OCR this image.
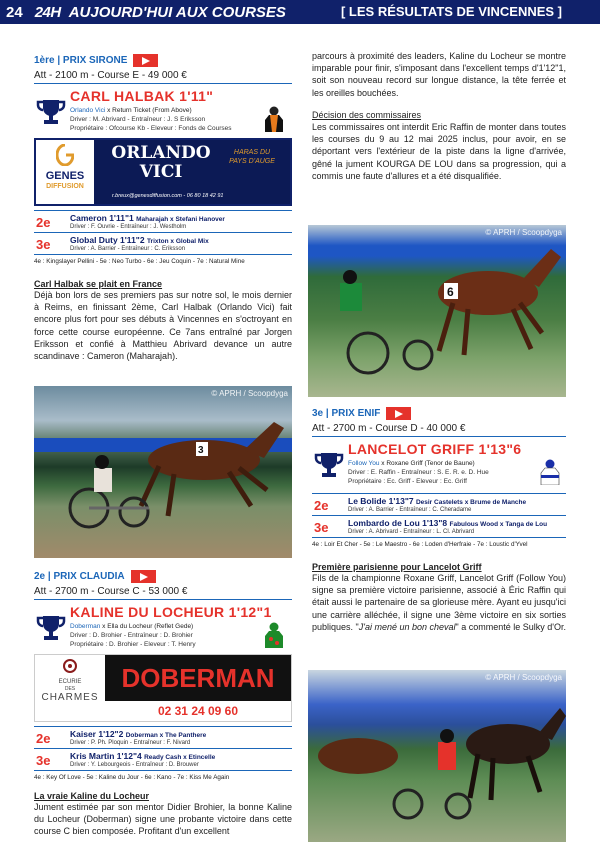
24 24H AUJOURD'HUI AUX COURSES	[ LES RÉSULTATS DE VINCENNES ]
1ère | PRIX SIRONE
Att - 2100 m - Course E - 49 000 €
CARL HALBAK 1'11"
Orlando Vici x Return Ticket (From Above)
Driver : M. Abrivard - Entraîneur : J. S Eriksson
Propriétaire : Ofcourse Kb - Eleveur : Fonds de Courses
GENES
DIFFUSION
ORLANDO
VICI
HARAS DU PAYS D'AUGE
r.breux@genesdiffusion.com - 06 80 18 42 91
2e Cameron 1'11"1 Maharajah x Stefani Hanover
Driver : F. Ouvrie - Entraîneur : J. Westholm
3e Global Duty 1'11"2 Trixton x Global Mix
Driver : A. Barrier - Entraîneur : C. Eriksson
4e : Kingslayer Pellini - 5e : Neo Turbo - 6e : Jeu Coquin - 7e : Natural Mine
Carl Halbak se plait en France
Déjà bon lors de ses premiers pas sur notre sol, le mois dernier à Reims, en finissant 2ème, Carl Halbak (Orlando Vici) fait encore plus fort pour ses débuts à Vincennes en s'octroyant en force cette course européenne. Ce 7ans entraîné par Jorgen Eriksson et confié à Matthieu Abrivard devance un autre scandinave : Cameron (Maharajah).
3
© APRH / Scoopdyga
2e | PRIX CLAUDIA
Att - 2700 m - Course C - 53 000 €
KALINE DU LOCHEUR 1'12"1
Doberman x Ella du Locheur (Reflet Gede)
Driver : D. Brohier - Entraîneur : D. Brohier
Propriétaire : D. Brohier - Eleveur : T. Henry
ECURIE
DES
CHARMES
DOBERMAN
02 31 24 09 60
2e Kaiser 1'12"2 Doberman x The Panthere
Driver : P. Ph. Ploquin - Entraîneur : F. Nivard
3e Kris Martin 1'12"4 Ready Cash x Etincelle
Driver : Y. Lebourgeois - Entraîneur : D. Brouwer
4e : Key Of Love - 5e : Kaline du Jour - 6e : Kano - 7e : Kiss Me Again
La vraie Kaline du Locheur
Jument estimée par son mentor Didier Brohier, la bonne Kaline du Locheur (Doberman) signe une probante victoire dans cette course C bien composée. Profitant d'un excellent
parcours à proximité des leaders, Kaline du Locheur se montre imparable pour finir, s'imposant dans l'excellent temps d'1'12"1, soit son nouveau record sur longue distance, la tête ferrée et les oreilles bouchées.
Décision des commissaires
Les commissaires ont interdit Eric Raffin de monter dans toutes les courses du 9 au 12 mai 2025 inclus, pour avoir, en se déportant vers l'extérieur de la piste dans la ligne d'arrivée, gêné la jument KOURGA DE LOU dans sa progression, qui a commis une faute d'allures et a été disqualifiée.
6
© APRH / Scoopdyga
3e | PRIX ENIF
Att - 2700 m - Course D - 40 000 €
LANCELOT GRIFF 1'13"6
Follow You x Roxane Griff (Tenor de Baune)
Driver : E. Raffin - Entraîneur : S. E. R. e. D. Hue
Propriétaire : Ec. Griff - Eleveur : Ec. Griff
2e Le Bolide 1'13"7 Desir Castelets x Brume de Manche
Driver : A. Barrier - Entraîneur : C. Cheradame
3e Lombardo de Lou 1'13"8 Fabulous Wood x Tanga de Lou
Driver : A. Abrivard - Entraîneur : L. Cl. Abrivard
4e : Loir Et Cher - 5e : Le Maestro - 6e : Loden d'Herfraie - 7e : Loustic d'Yvel
Première parisienne pour Lancelot Griff
Fils de la championne Roxane Griff, Lancelot Griff (Follow You) signe sa première victoire parisienne, associé à Éric Raffin qui était aussi le partenaire de sa glorieuse mère. Ayant eu jusqu'ici une carrière alléchée, il signe une 3ème victoire en six sorties publiques. "J'ai mené un bon cheval" a commenté le Sulky d'Or.
© APRH / Scoopdyga
